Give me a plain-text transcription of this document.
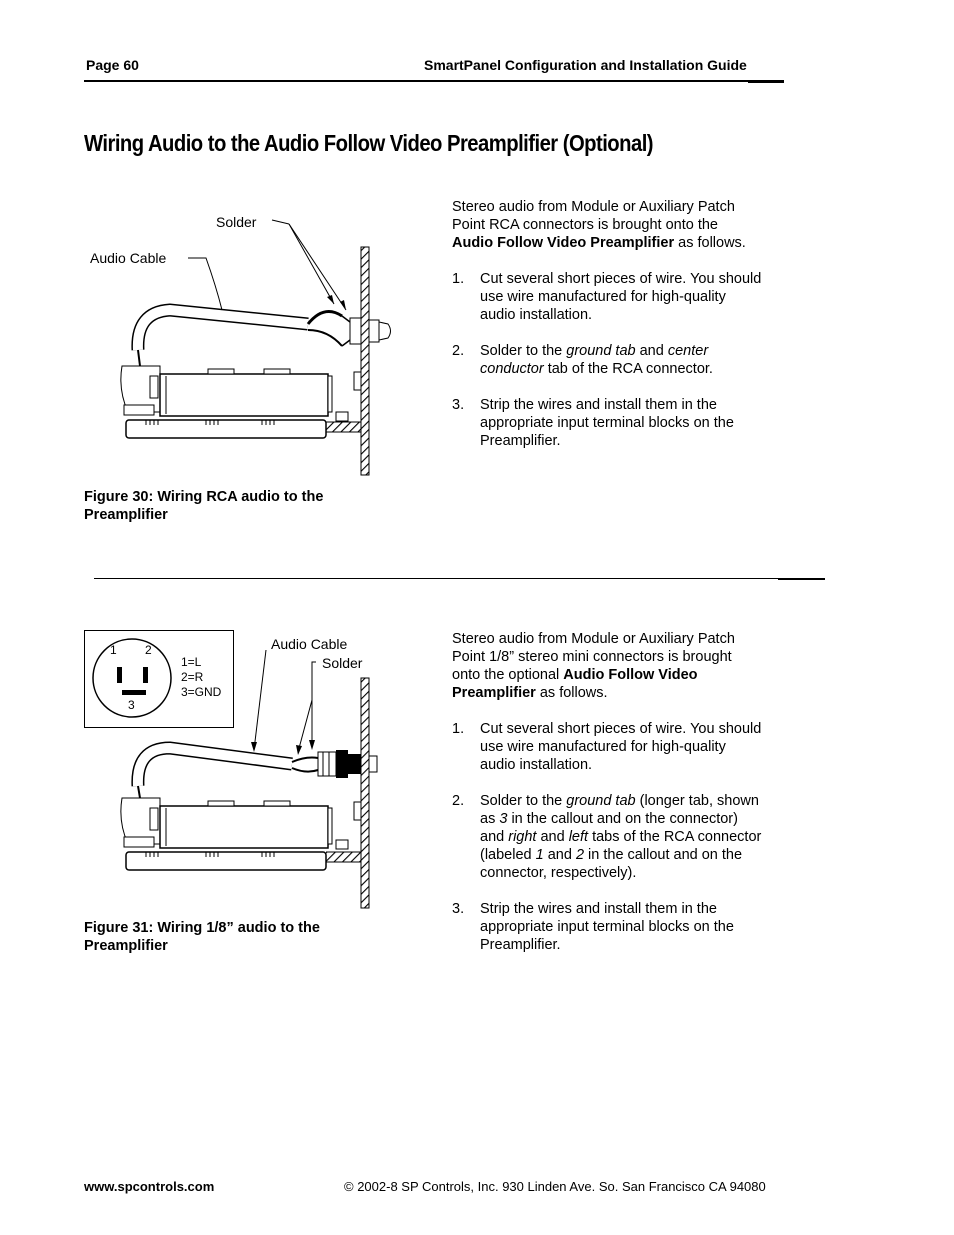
Page 60	SmartPanel Configuration and Installation Guide
Wiring Audio to the Audio Follow Video Preamplifier (Optional)
Solder
Audio Cable
Figure 30: Wiring RCA audio to the
Preamplifier

Stereo audio from Module or Auxiliary Patch
Point RCA connectors is brought onto the
Audio Follow Video Preamplifier as follows.

1. Cut several short pieces of wire. You should
use wire manufactured for high-quality
audio installation.
2. Solder to the ground tab and center
conductor tab of the RCA connector.
3. Strip the wires and install them in the
appropriate input terminal blocks on the
Preamplifier.
1 2
3
1=L
2=R
3=GND
Audio Cable
Solder
Figure 31: Wiring 1/8” audio to the
Preamplifier

Stereo audio from Module or Auxiliary Patch
Point 1/8” stereo mini connectors is brought
onto the optional Audio Follow Video
Preamplifier as follows.

1. Cut several short pieces of wire. You should
use wire manufactured for high-quality
audio installation.
2. Solder to the ground tab (longer tab, shown
as 3 in the callout and on the connector)
and right and left tabs of the RCA connector
(labeled 1 and 2 in the callout and on the
connector, respectively).
3. Strip the wires and install them in the
appropriate input terminal blocks on the
Preamplifier.
www.spcontrols.com	© 2002-8 SP Controls, Inc. 930 Linden Ave. So. San Francisco CA 94080
